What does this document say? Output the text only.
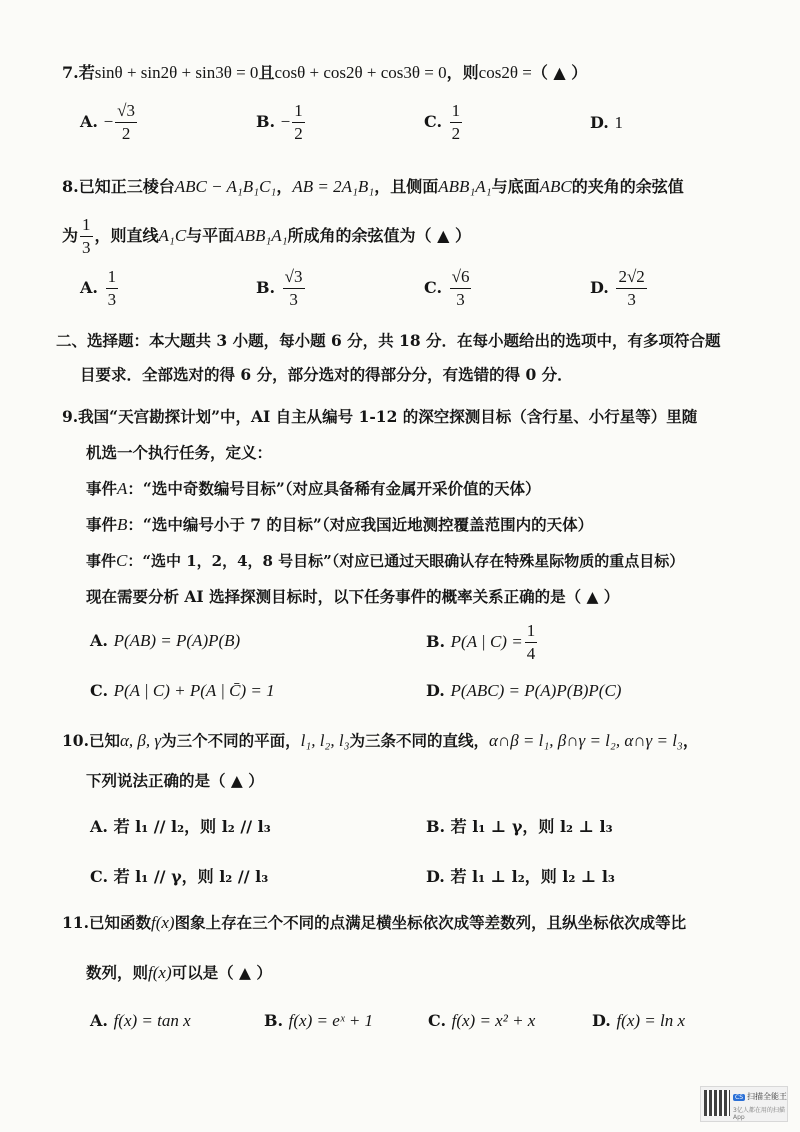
7.若sinθ + sin2θ + sin3θ = 0且cosθ + cos2θ + cos3θ = 0，则cos2θ =（ ▲ ）
A. − $\frac{√3}{2}$	B. − $\frac{1}{2}$	C. $\frac{1}{2}$	D. 1
8.已知正三棱台ABC − A₁B₁C₁，AB = 2A₁B₁，且侧面ABB₁A₁与底面ABC的夹角的余弦值
为 $\frac{1}{3}$ ，则直线A₁C与平面ABB₁A₁所成角的余弦值为（ ▲ ）
A. $\frac{1}{3}$	B. $\frac{√3}{3}$	C. $\frac{√6}{3}$	D. $\frac{2√2}{3}$
二、选择题：本大题共 3 小题，每小题 6 分，共 18 分．在每小题给出的选项中，有多项符合题
目要求．全部选对的得 6 分，部分选对的得部分分，有选错的得 0 分．
9.我国“天宫勘探计划”中，AI 自主从编号 1-12 的深空探测目标（含行星、小行星等）里随
机选一个执行任务，定义：
事件A：“选中奇数编号目标”（对应具备稀有金属开采价值的天体）
事件B：“选中编号小于 7 的目标”（对应我国近地测控覆盖范围内的天体）
事件C：“选中 1，2，4，8 号目标”（对应已通过天眼确认存在特殊星际物质的重点目标）
现在需要分析 AI 选择探测目标时，以下任务事件的概率关系正确的是（ ▲ ）
A. P(AB) = P(A)P(B)	B. P(A | $C) = \frac{1}{4}$
C. P(A | C) + P(A | C̄) = 1	D. P(ABC) = P(A)P(B)P(C)
10.已知α, β, γ为三个不同的平面，l₁, l₂, l₃为三条不同的直线，α∩β = l₁, β∩γ = l₂, α∩γ = l₃，
下列说法正确的是（ ▲ ）
A. 若 l₁ // l₂，则 l₂ // l₃	B. 若 l₁ ⊥ γ，则 l₂ ⊥ l₃
C. 若 l₁ // γ，则 l₂ // l₃	D. 若 l₁ ⊥ l₂，则 l₂ ⊥ l₃
11.已知函数f(x)图象上存在三个不同的点满足横坐标依次成等差数列，且纵坐标依次成等比
数列，则f(x)可以是（ ▲ ）
A. f(x) = tan x	B. f(x) = eˣ + 1	C. f(x) = x² + x	D. f(x) = ln x
CS 扫描全能王
3亿人都在用的扫描App
